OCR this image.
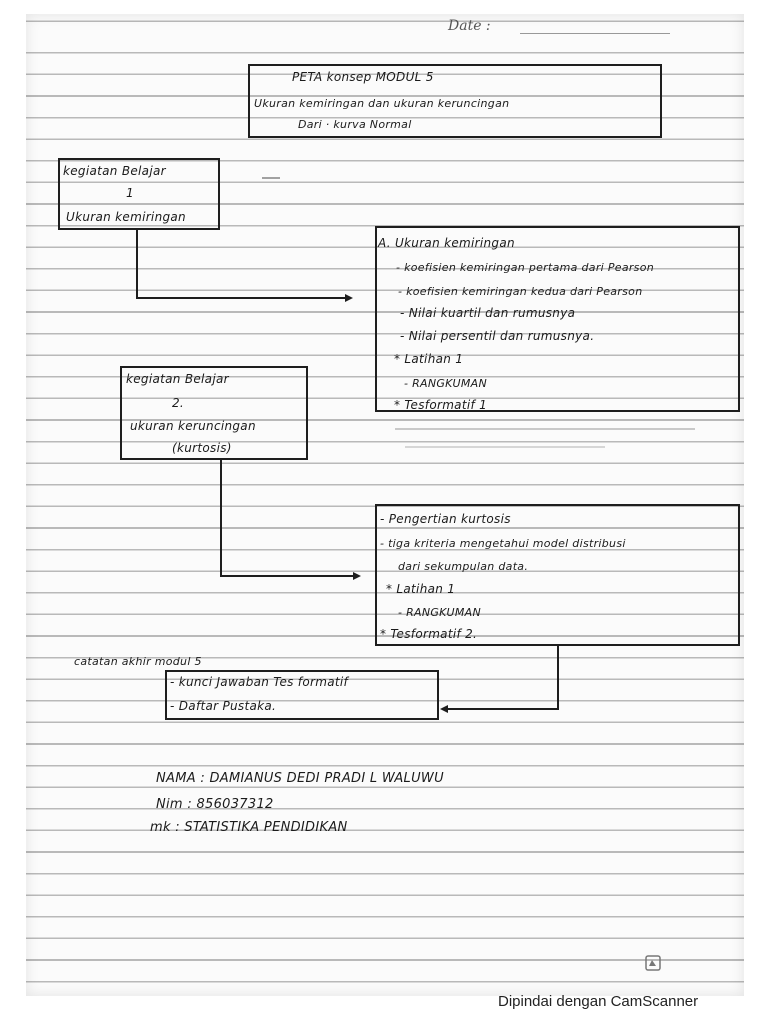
Date :
PETA konsep MODUL 5
Ukuran kemiringan dan ukuran keruncingan
Dari · kurva Normal
kegiatan Belajar
1
Ukuran kemiringan
A. Ukuran kemiringan
- koefisien kemiringan pertama dari Pearson
- koefisien kemiringan kedua dari Pearson
- Nilai kuartil dan rumusnya
- Nilai persentil dan rumusnya.
* Latihan 1
- RANGKUMAN
* Tesformatif 1
kegiatan Belajar
2.
ukuran keruncingan
(kurtosis)
- Pengertian kurtosis
- tiga kriteria mengetahui model distribusi
dari sekumpulan data.
* Latihan 1
- RANGKUMAN
* Tesformatif 2.
catatan akhir modul 5
- kunci Jawaban Tes formatif
- Daftar Pustaka.
NAMA : DAMIANUS DEDI PRADI L WALUWU
Nim : 856037312
mk : STATISTIKA PENDIDIKAN
Dipindai dengan CamScanner
